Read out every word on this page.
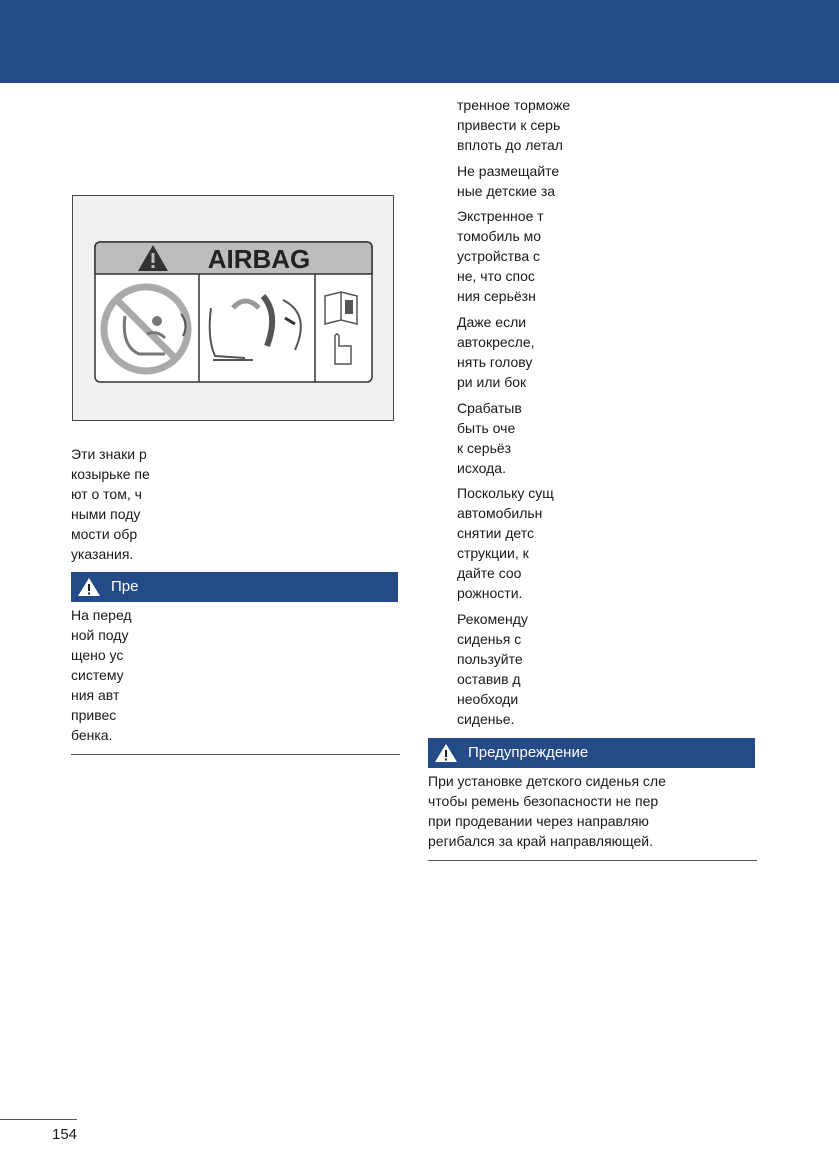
AIRBAG
Эти знаки р
козырьке пе
ют о том, ч
ными поду
мости обр
указания.
Пре
На перед
ной поду
щено ус
систему
ния авт
привес
бенка.
тренное торможе
привести к серь
вплоть до летал
Не размещайте
ные детские за
Экстренное т
томобиль мо
устройства с
не, что спос
ния серьёзн
Даже если
автокресле,
нять голову
ри или бок
Срабатыв
быть оче
к серьёз
исхода.
Поскольку сущ
автомобильн
снятии детс
струкции, к
дайте соо
рожности.
Рекоменду
сиденья с
пользуйте
оставив д
необходи
сиденье.
Предупреждение
При установке детского сиденья сле
чтобы ремень безопасности не пер
при продевании через направляю
регибался за край направляющей.
154
